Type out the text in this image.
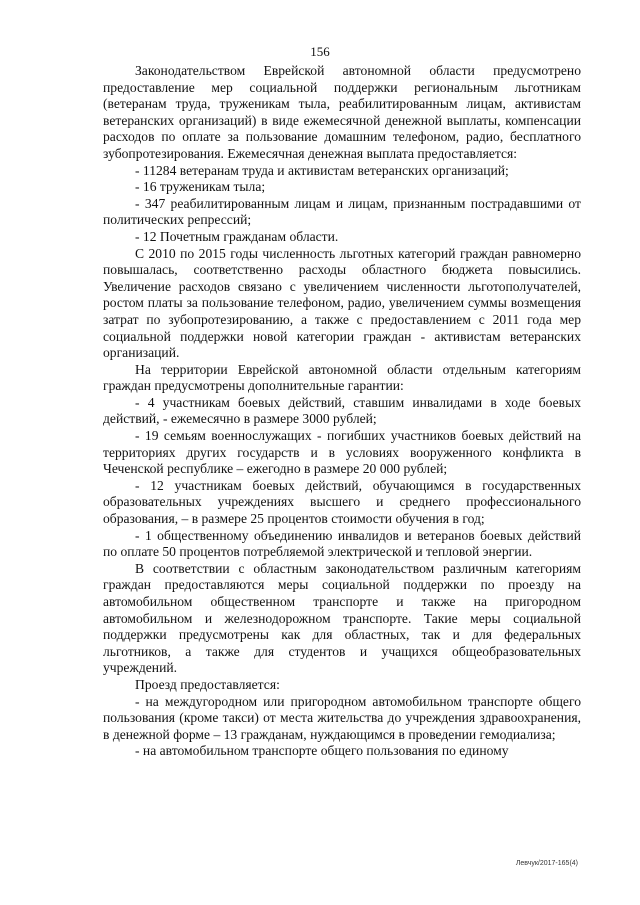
156

Законодательством Еврейской автономной области предусмотрено предоставление мер социальной поддержки региональным льготникам (ветеранам труда, труженикам тыла, реабилитированным лицам, активистам ветеранских организаций) в виде ежемесячной денежной выплаты, компенсации расходов по оплате за пользование домашним телефоном, радио, бесплатного зубопротезирования. Ежемесячная денежная выплата предоставляется:

- 11284 ветеранам труда и активистам ветеранских организаций;

- 16 труженикам тыла;

- 347 реабилитированным лицам и лицам, признанным пострадавшими от политических репрессий;

- 12 Почетным гражданам области.

С 2010 по 2015 годы численность льготных категорий граждан равномерно повышалась, соответственно расходы областного бюджета повысились. Увеличение расходов связано с увеличением численности льготополучателей, ростом платы за пользование телефоном, радио, увеличением суммы возмещения затрат по зубопротезированию, а также с предоставлением с 2011 года мер социальной поддержки новой категории граждан - активистам ветеранских организаций.

На территории Еврейской автономной области отдельным категориям граждан предусмотрены дополнительные гарантии:

- 4 участникам боевых действий, ставшим инвалидами в ходе боевых действий, - ежемесячно в размере 3000 рублей;

- 19 семьям военнослужащих - погибших участников боевых действий на территориях других государств и в условиях вооруженного конфликта в Чеченской республике – ежегодно в размере 20 000 рублей;

- 12 участникам боевых действий, обучающимся в государственных образовательных учреждениях высшего и среднего профессионального образования, – в размере 25 процентов стоимости обучения в год;

- 1 общественному объединению инвалидов и ветеранов боевых действий по оплате 50 процентов потребляемой электрической и тепловой энергии.

В соответствии с областным законодательством различным категориям граждан предоставляются меры социальной поддержки по проезду на автомобильном общественном транспорте и также на пригородном автомобильном и железнодорожном транспорте. Такие меры социальной поддержки предусмотрены как для областных, так и для федеральных льготников, а также для студентов и учащихся общеобразовательных учреждений.

Проезд предоставляется:

- на междугородном или пригородном автомобильном транспорте общего пользования (кроме такси) от места жительства до учреждения здравоохранения, в денежной форме – 13 гражданам, нуждающимся в проведении гемодиализа;

- на автомобильном транспорте общего пользования по единому

Левчук/2017-165(4)
